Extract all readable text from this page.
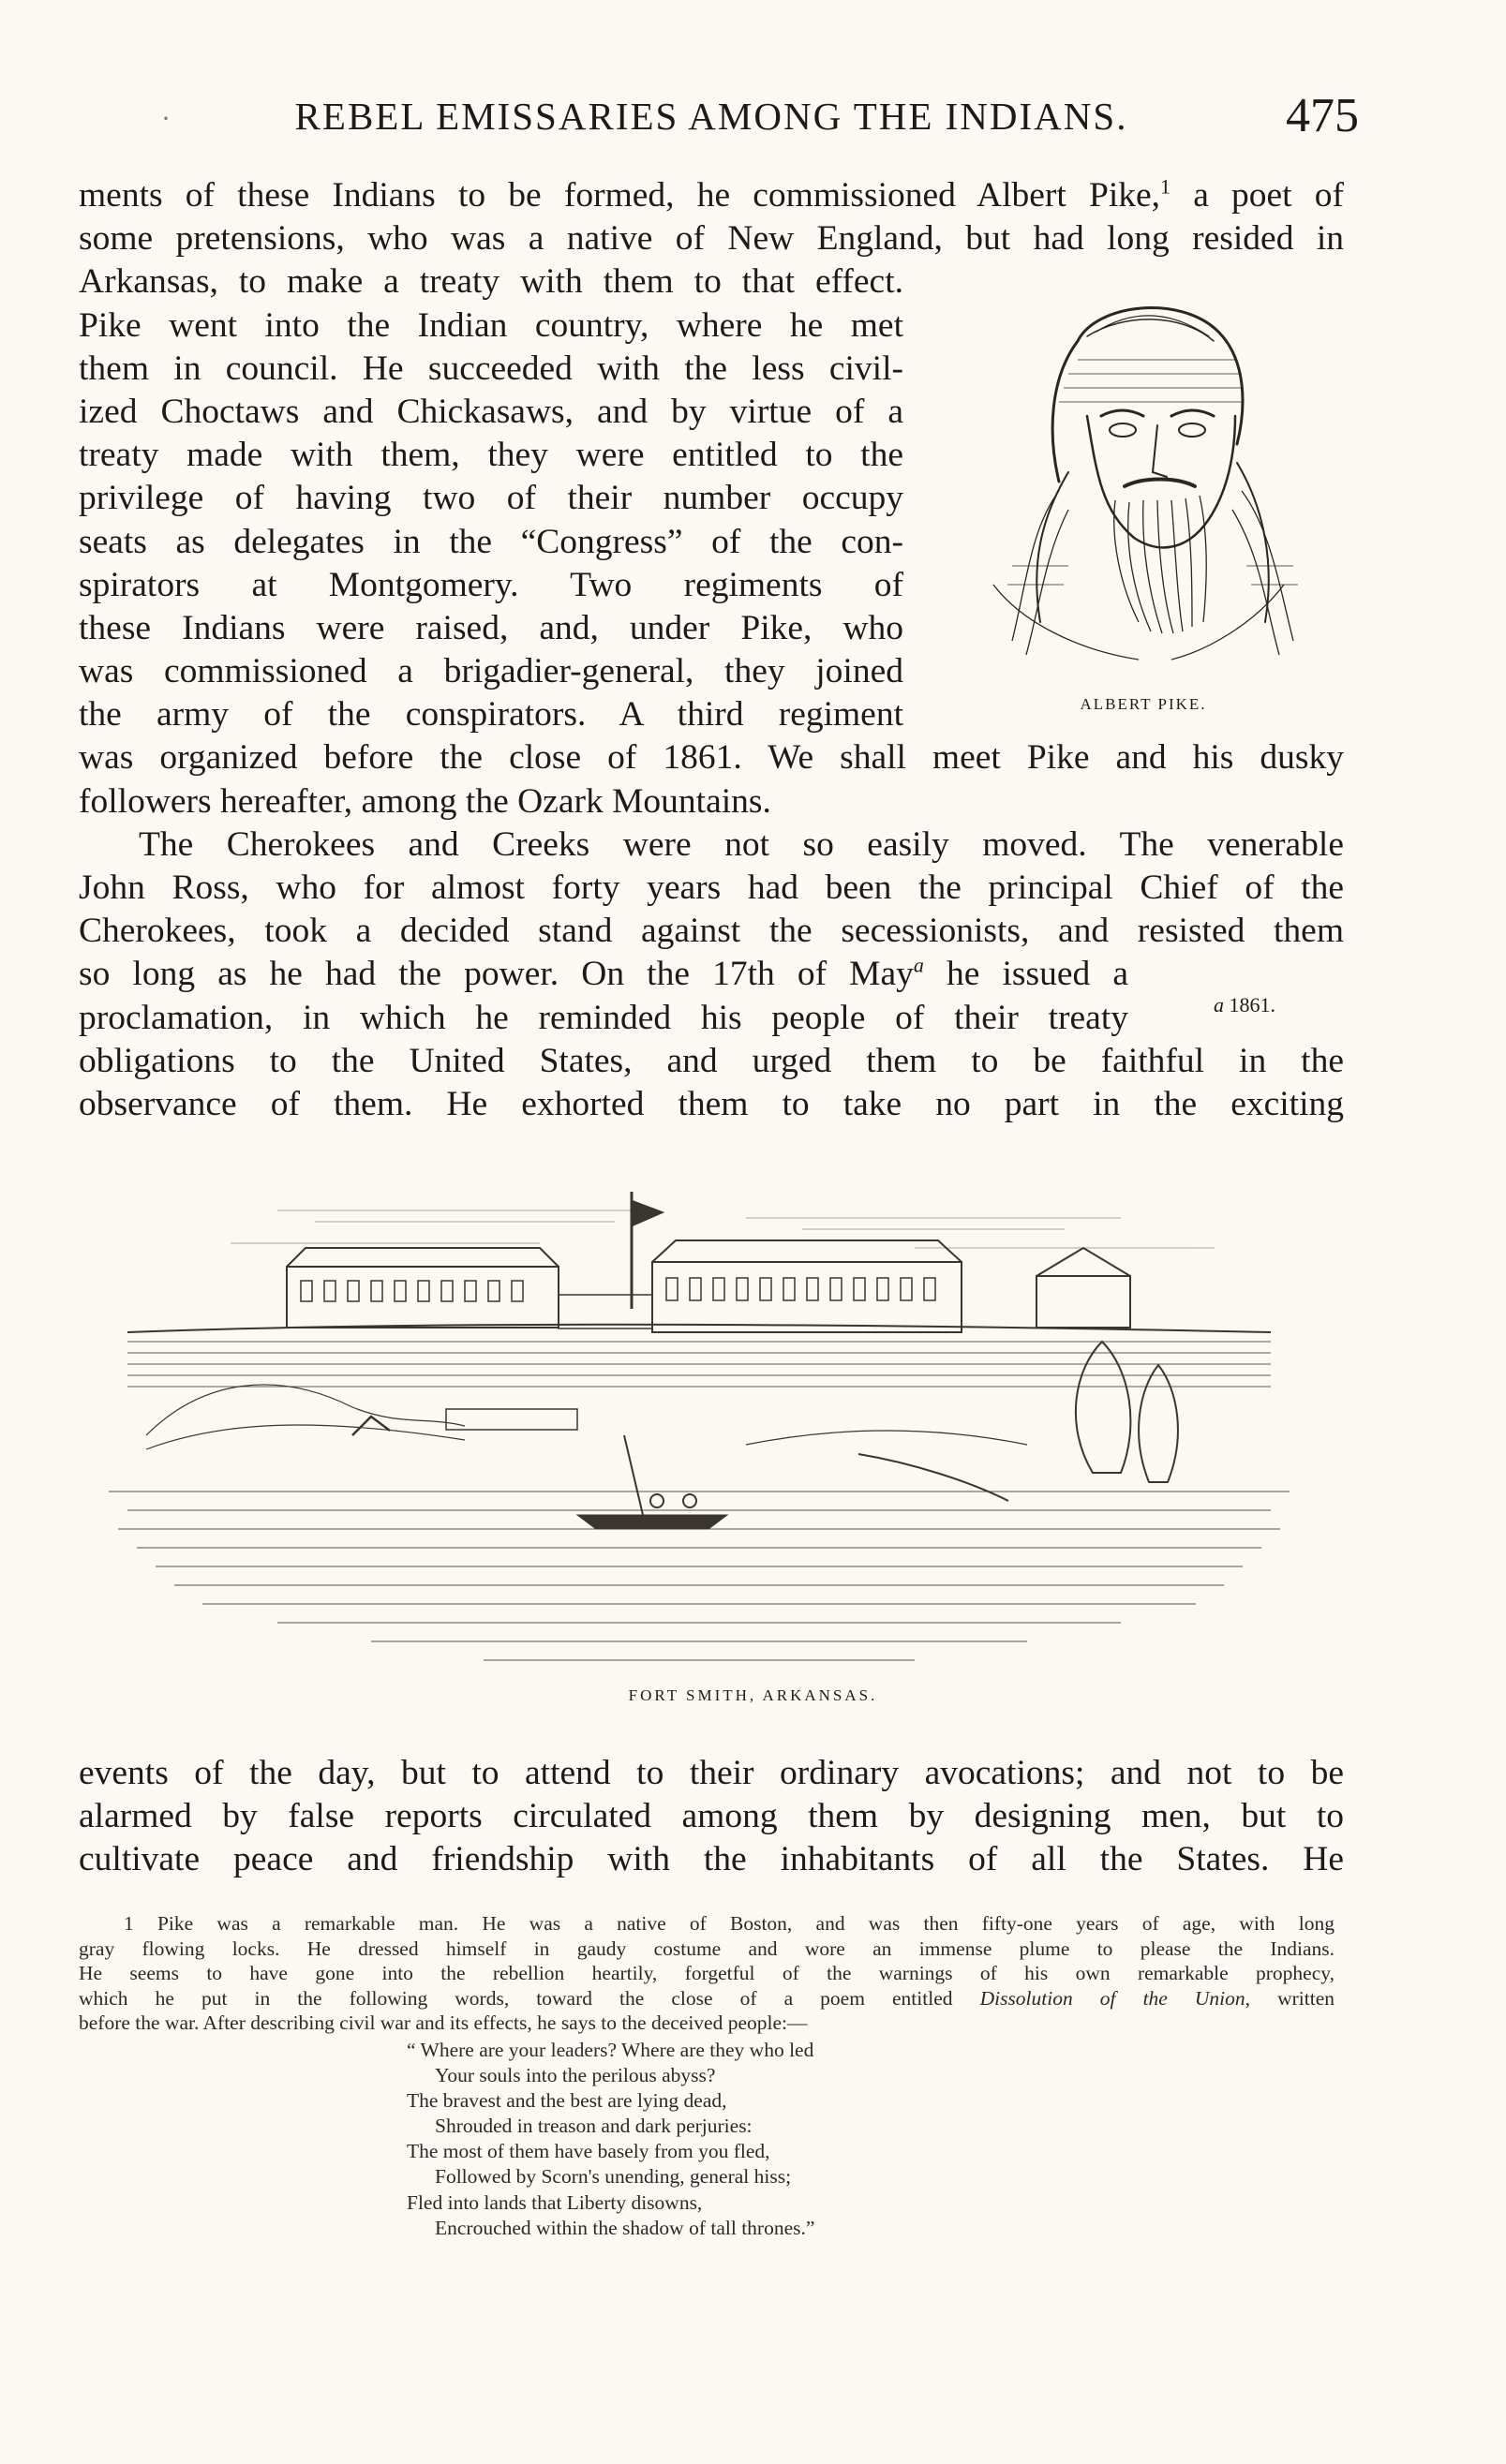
·	REBEL EMISSARIES AMONG THE INDIANS.	475
ments of these Indians to be formed, he commissioned Albert Pike,$^1$ a poet of
some pretensions, who was a native of New England, but had long resided in
Arkansas, to make a treaty with them to that effect.
Pike went into the Indian country, where he met
them in council. He succeeded with the less civil-
ized Choctaws and Chickasaws, and by virtue of a
treaty made with them, they were entitled to the
privilege of having two of their number occupy
seats as delegates in the “Congress” of the con-
spirators at Montgomery. Two regiments of
these Indians were raised, and, under Pike, who
was commissioned a brigadier-general, they joined
the army of the conspirators. A third regiment
was organized before the close of 1861. We shall meet Pike and his dusky
followers hereafter, among the Ozark Mountains.
The Cherokees and Creeks were not so easily moved. The venerable
John Ross, who for almost forty years had been the principal Chief of the
Cherokees, took a decided stand against the secessionists, and resisted them
so long as he had the power. On the 17th of May$^a$ he issued a
proclamation, in which he reminded his people of their treaty
obligations to the United States, and urged them to be faithful in the
observance of them. He exhorted them to take no part in the exciting
a 1861.
ALBERT PIKE.
FORT SMITH, ARKANSAS.
events of the day, but to attend to their ordinary avocations; and not to be
alarmed by false reports circulated among them by designing men, but to
cultivate peace and friendship with the inhabitants of all the States. He
1 Pike was a remarkable man. He was a native of Boston, and was then fifty-one years of age, with long
gray flowing locks. He dressed himself in gaudy costume and wore an immense plume to please the Indians.
He seems to have gone into the rebellion heartily, forgetful of the warnings of his own remarkable prophecy,
which he put in the following words, toward the close of a poem entitled Dissolution of the Union, written
before the war. After describing civil war and its effects, he says to the deceived people:—
“ Where are your leaders? Where are they who led
Your souls into the perilous abyss?
The bravest and the best are lying dead,
Shrouded in treason and dark perjuries:
The most of them have basely from you fled,
Followed by Scorn's unending, general hiss;
Fled into lands that Liberty disowns,
Encrouched within the shadow of tall thrones.”
